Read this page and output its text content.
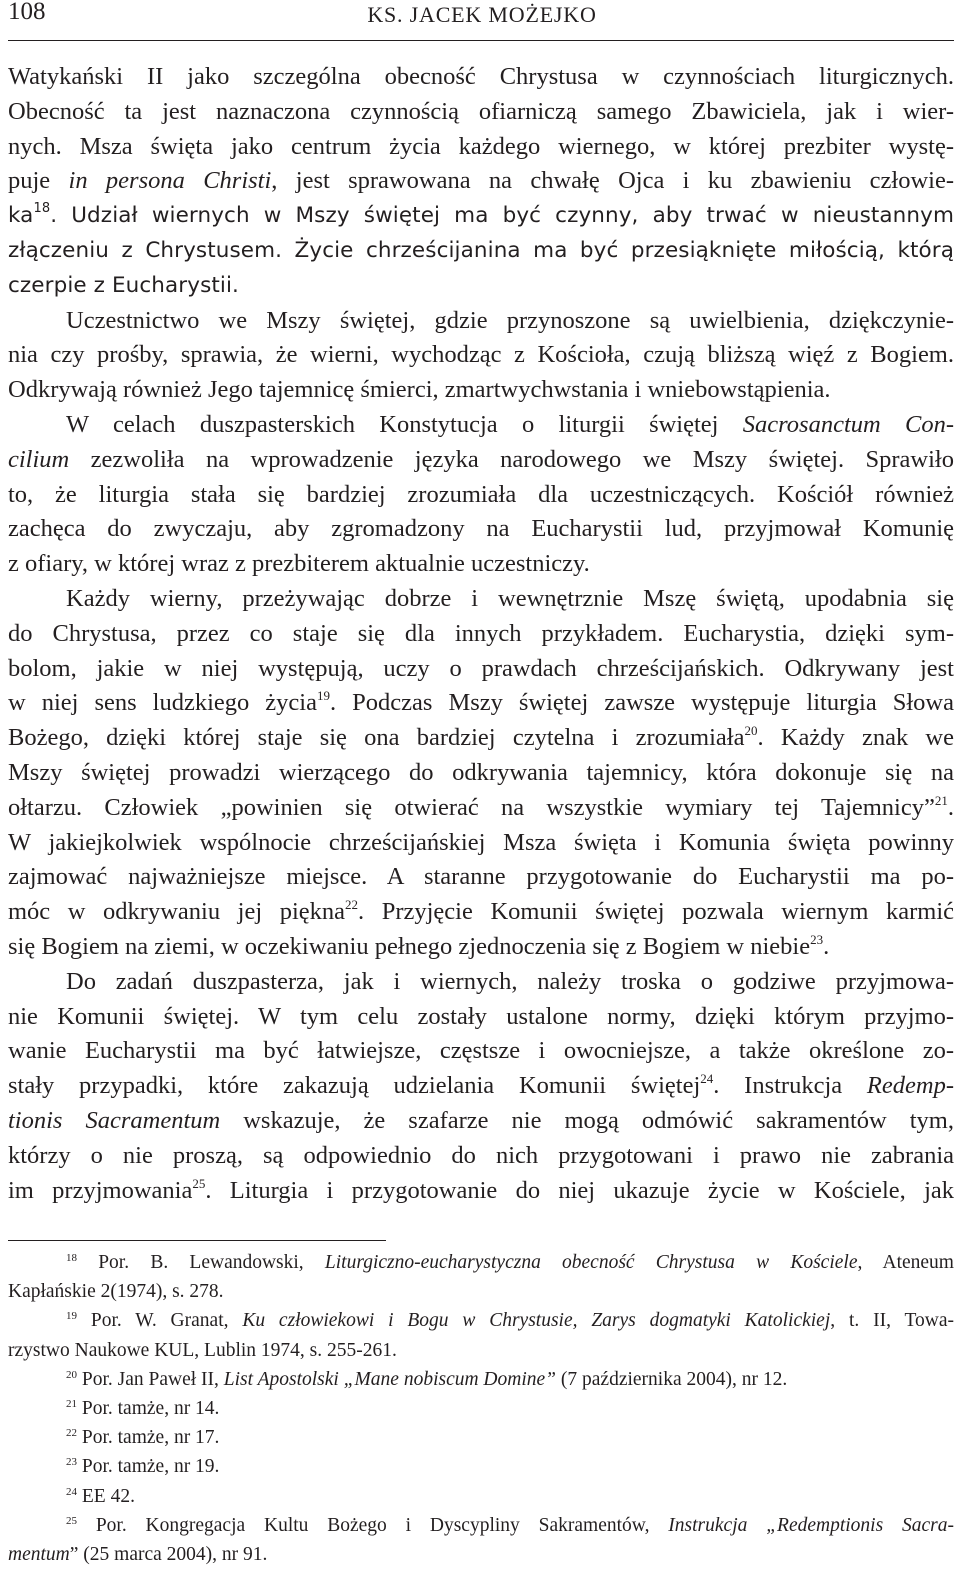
108	KS. JACEK MOŻEJKO
Watykański II jako szczególna obecność Chrystusa w czynnościach liturgicznych.
Obecność ta jest naznaczona czynnością ofiarniczą samego Zbawiciela, jak i wier-
nych. Msza święta jako centrum życia każdego wiernego, w której prezbiter wystę-
puje in persona Christi, jest sprawowana na chwałę Ojca i ku zbawieniu człowie-
$ka^{18}$. Udział wiernych w Mszy świętej ma być czynny, aby trwać w nieustannym
złączeniu z Chrystusem. Życie chrześcijanina ma być przesiąknięte miłością, którą
czerpie z Eucharystii.
Uczestnictwo we Mszy świętej, gdzie przynoszone są uwielbienia, dziękczynie-
nia czy prośby, sprawia, że wierni, wychodząc z Kościoła, czują bliższą więź z Bogiem.
Odkrywają również Jego tajemnicę śmierci, zmartwychwstania i wniebowstąpienia.
W celach duszpasterskich Konstytucja o liturgii świętej Sacrosanctum Con-
cilium zezwoliła na wprowadzenie języka narodowego we Mszy świętej. Sprawiło
to, że liturgia stała się bardziej zrozumiała dla uczestniczących. Kościół również
zachęca do zwyczaju, aby zgromadzony na Eucharystii lud, przyjmował Komunię
z ofiary, w której wraz z prezbiterem aktualnie uczestniczy.
Każdy wierny, przeżywając dobrze i wewnętrznie Mszę świętą, upodabnia się
do Chrystusa, przez co staje się dla innych przykładem. Eucharystia, dzięki sym-
bolom, jakie w niej występują, uczy o prawdach chrześcijańskich. Odkrywany jest
w niej sens ludzkiego życia$^{19}$. Podczas Mszy świętej zawsze występuje liturgia Słowa
Bożego, dzięki której staje się ona bardziej czytelna i zrozumiała$^{20}$. Każdy znak we
Mszy świętej prowadzi wierzącego do odkrywania tajemnicy, która dokonuje się na
ołtarzu. Człowiek „powinien się otwierać na wszystkie wymiary tej Tajemnicy”$^{21}$.
W jakiejkolwiek wspólnocie chrześcijańskiej Msza święta i Komunia święta powinny
zajmować najważniejsze miejsce. A staranne przygotowanie do Eucharystii ma po-
móc w odkrywaniu jej piękna$^{22}$. Przyjęcie Komunii świętej pozwala wiernym karmić
się Bogiem na ziemi, w oczekiwaniu pełnego zjednoczenia się z Bogiem w niebie$^{23}$.
Do zadań duszpasterza, jak i wiernych, należy troska o godziwe przyjmowa-
nie Komunii świętej. W tym celu zostały ustalone normy, dzięki którym przyjmo-
wanie Eucharystii ma być łatwiejsze, częstsze i owocniejsze, a także określone zo-
stały przypadki, które zakazują udzielania Komunii świętej$^{24}$. Instrukcja Redemp-
tionis Sacramentum wskazuje, że szafarze nie mogą odmówić sakramentów tym,
którzy o nie proszą, są odpowiednio do nich przygotowani i prawo nie zabrania
im przyjmowania$^{25}$. Liturgia i przygotowanie do niej ukazuje życie w Kościele, jak
$^{18}$ Por. B. Lewandowski, Liturgiczno-eucharystyczna obecność Chrystusa w Kościele, Ateneum
Kapłańskie 2(1974), s. 278.
$^{19}$ Por. W. Granat, Ku człowiekowi i Bogu w Chrystusie, Zarys dogmatyki Katolickiej, t. II, Towa-
rzystwo Naukowe KUL, Lublin 1974, s. 255-261.
$^{20}$ Por. Jan Paweł II, List Apostolski „Mane nobiscum Domine” (7 października 2004), nr 12.
$^{21}$ Por. tamże, nr 14.
$^{22}$ Por. tamże, nr 17.
$^{23}$ Por. tamże, nr 19.
$^{24}$ EE 42.
$^{25}$ Por. Kongregacja Kultu Bożego i Dyscypliny Sakramentów, Instrukcja „Redemptionis Sacra-
mentum” (25 marca 2004), nr 91.
